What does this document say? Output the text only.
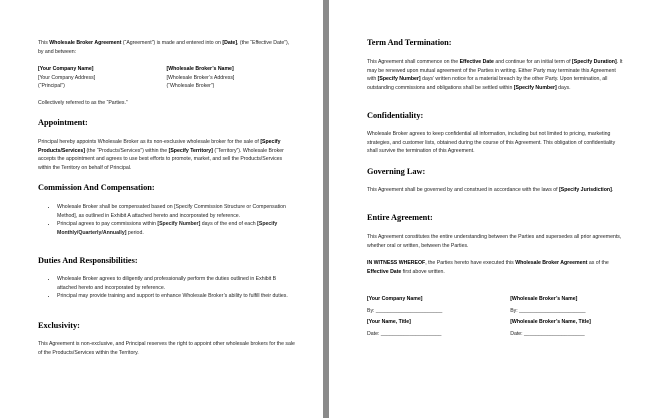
This Wholesale Broker Agreement (“Agreement”) is made and entered into on [Date], (the “Effective Date”), by and between:

[Your Company Name]

[Your Company Address]

(“Principal”)

[Wholesale Broker’s Name]

[Wholesale Broker’s Address]

(“Wholesale Broker”)

Collectively referred to as the “Parties.”

Appointment:

Principal hereby appoints Wholesale Broker as its non-exclusive wholesale broker for the sale of [Specify Products/Services] (the “Products/Services”) within the [Specify Territory] (“Territory”). Wholesale Broker accepts the appointment and agrees to use best efforts to promote, market, and sell the Products/Services within the Territory on behalf of Principal.

Commission And Compensation:
• Wholesale Broker shall be compensated based on [Specify Commission Structure or Compensation Method], as outlined in Exhibit A attached hereto and incorporated by reference.
• Principal agrees to pay commissions within [Specify Number] days of the end of each [Specify Monthly/Quarterly/Annually] period.
Duties And Responsibilities:
• Wholesale Broker agrees to diligently and professionally perform the duties outlined in Exhibit B attached hereto and incorporated by reference.
• Principal may provide training and support to enhance Wholesale Broker’s ability to fulfill their duties.
Exclusivity:

This Agreement is non-exclusive, and Principal reserves the right to appoint other wholesale brokers for the sale of the Products/Services within the Territory.

Term And Termination:

This Agreement shall commence on the Effective Date and continue for an initial term of [Specify Duration]. It may be renewed upon mutual agreement of the Parties in writing. Either Party may terminate this Agreement with [Specify Number] days’ written notice for a material breach by the other Party. Upon termination, all outstanding commissions and obligations shall be settled within [Specify Number] days.

Confidentiality:

Wholesale Broker agrees to keep confidential all information, including but not limited to pricing, marketing strategies, and customer lists, obtained during the course of this Agreement. This obligation of confidentiality shall survive the termination of this Agreement.

Governing Law:

This Agreement shall be governed by and construed in accordance with the laws of [Specify Jurisdiction].

Entire Agreement:

This Agreement constitutes the entire understanding between the Parties and supersedes all prior agreements, whether oral or written, between the Parties.

IN WITNESS WHEREOF, the Parties hereto have executed this Wholesale Broker Agreement as of the Effective Date first above written.

[Your Company Name]

By: _______________________

[Your Name, Title]

Date: _____________________

[Wholesale Broker’s Name]

By: _______________________

[Wholesale Broker’s Name, Title]

Date: _____________________
